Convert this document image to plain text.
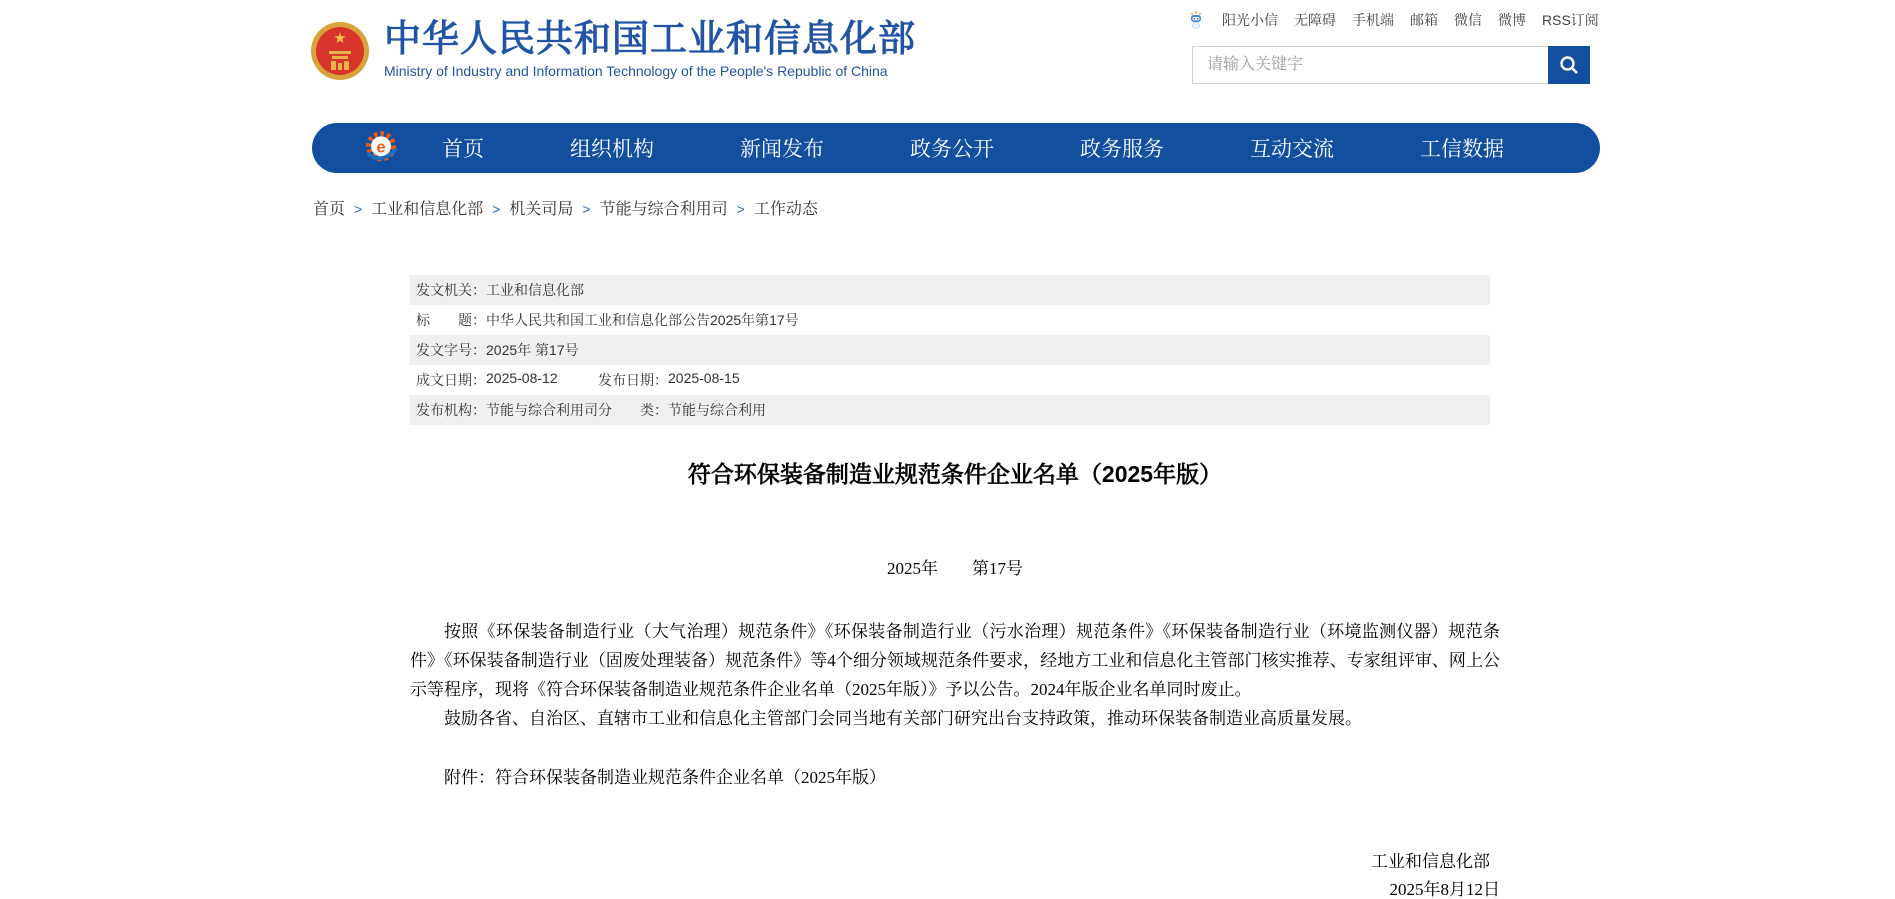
★ 中华人民共和国工业和信息化部
Ministry of Industry and Information Technology of the People's Republic of China
阳光小信 无障碍 手机端 邮箱 微信 微博 RSS订阅
请输入关键字
e	首页	组织机构	新闻发布	政务公开	政务服务	互动交流	工信数据
首页 > 工业和信息化部 > 机关司局 > 节能与综合利用司 > 工作动态
发文机关： 工业和信息化部
标　　题： 中华人民共和国工业和信息化部公告2025年第17号
发文字号： 2025年 第17号
成文日期： 2025-08-12	发布日期： 2025-08-15
发布机构： 节能与综合利用司 分　　类： 节能与综合利用
符合环保装备制造业规范条件企业名单（2025年版）
2025年　　第17号

按照《环保装备制造行业（大气治理）规范条件》《环保装备制造行业（污水治理）规范条件》《环保装备制造行业（环境监测仪器）规范条件》《环保装备制造行业（固废处理装备）规范条件》等4个细分领域规范条件要求，经地方工业和信息化主管部门核实推荐、专家组评审、网上公示等程序，现将《符合环保装备制造业规范条件企业名单（2025年版）》予以公告。2024年版企业名单同时废止。

鼓励各省、自治区、直辖市工业和信息化主管部门会同当地有关部门研究出台支持政策，推动环保装备制造业高质量发展。

附件：符合环保装备制造业规范条件企业名单（2025年版）

工业和信息化部
2025年8月12日
